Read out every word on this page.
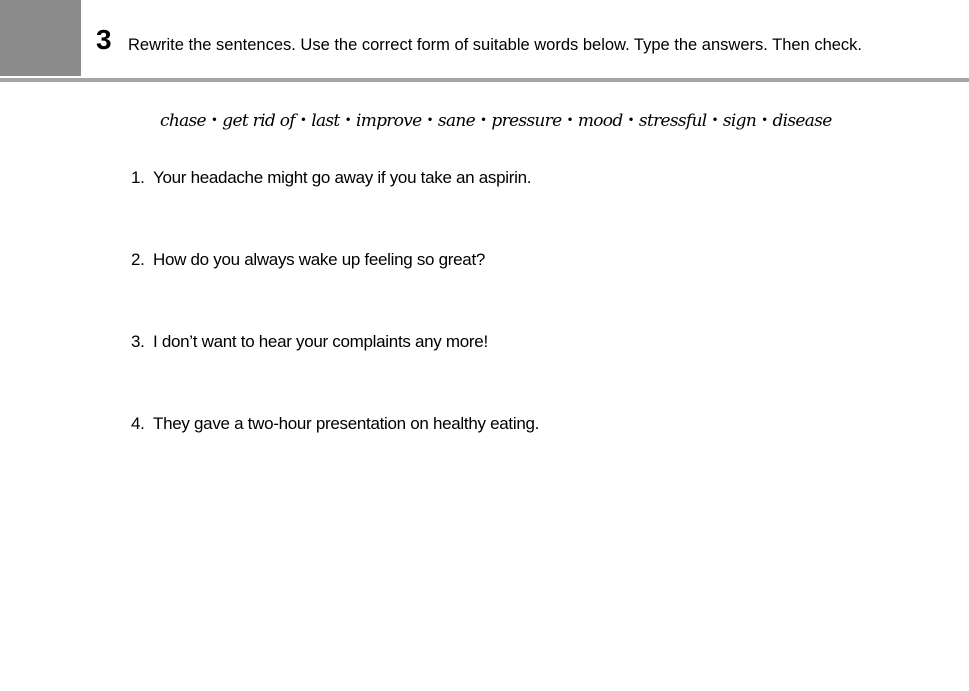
3 Rewrite the sentences. Use the correct form of suitable words below. Type the answers. Then check.
chase • get rid of • last • improve • sane • pressure • mood • stressful • sign • disease
1. Your headache might go away if you take an aspirin.
2. How do you always wake up feeling so great?
3. I don’t want to hear your complaints any more!
4. They gave a two-hour presentation on healthy eating.
